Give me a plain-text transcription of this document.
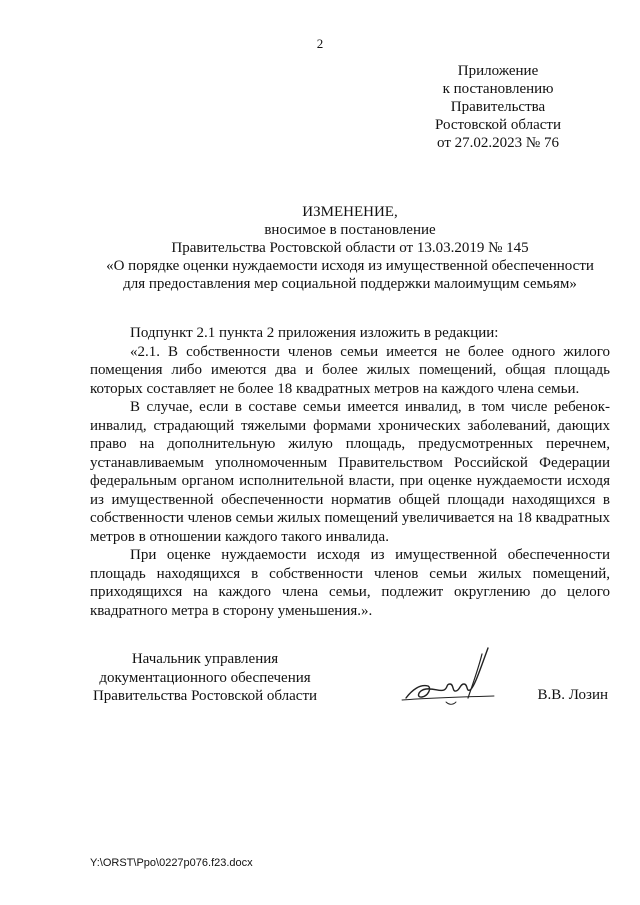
2
Приложение
к постановлению
Правительства
Ростовской области
от 27.02.2023 № 76
ИЗМЕНЕНИЕ,
вносимое в постановление
Правительства Ростовской области от 13.03.2019 № 145
«О порядке оценки нуждаемости исходя из имущественной обеспеченности
для предоставления мер социальной поддержки малоимущим семьям»

Подпункт 2.1 пункта 2 приложения изложить в редакции:

«2.1. В собственности членов семьи имеется не более одного жилого помещения либо имеются два и более жилых помещений, общая площадь которых составляет не более 18 квадратных метров на каждого члена семьи.

В случае, если в составе семьи имеется инвалид, в том числе ребенок-инвалид, страдающий тяжелыми формами хронических заболеваний, дающих право на дополнительную жилую площадь, предусмотренных перечнем, устанавливаемым уполномоченным Правительством Российской Федерации федеральным органом исполнительной власти, при оценке нуждаемости исходя из имущественной обеспеченности норматив общей площади находящихся в собственности членов семьи жилых помещений увеличивается на 18 квадратных метров в отношении каждого такого инвалида.

При оценке нуждаемости исходя из имущественной обеспеченности площадь находящихся в собственности членов семьи жилых помещений, приходящихся на каждого члена семьи, подлежит округлению до целого квадратного метра в сторону уменьшения.».

Начальник управления
документационного обеспечения
Правительства Ростовской области	В.В. Лозин
Y:\ORST\Ppo\0227p076.f23.docx
